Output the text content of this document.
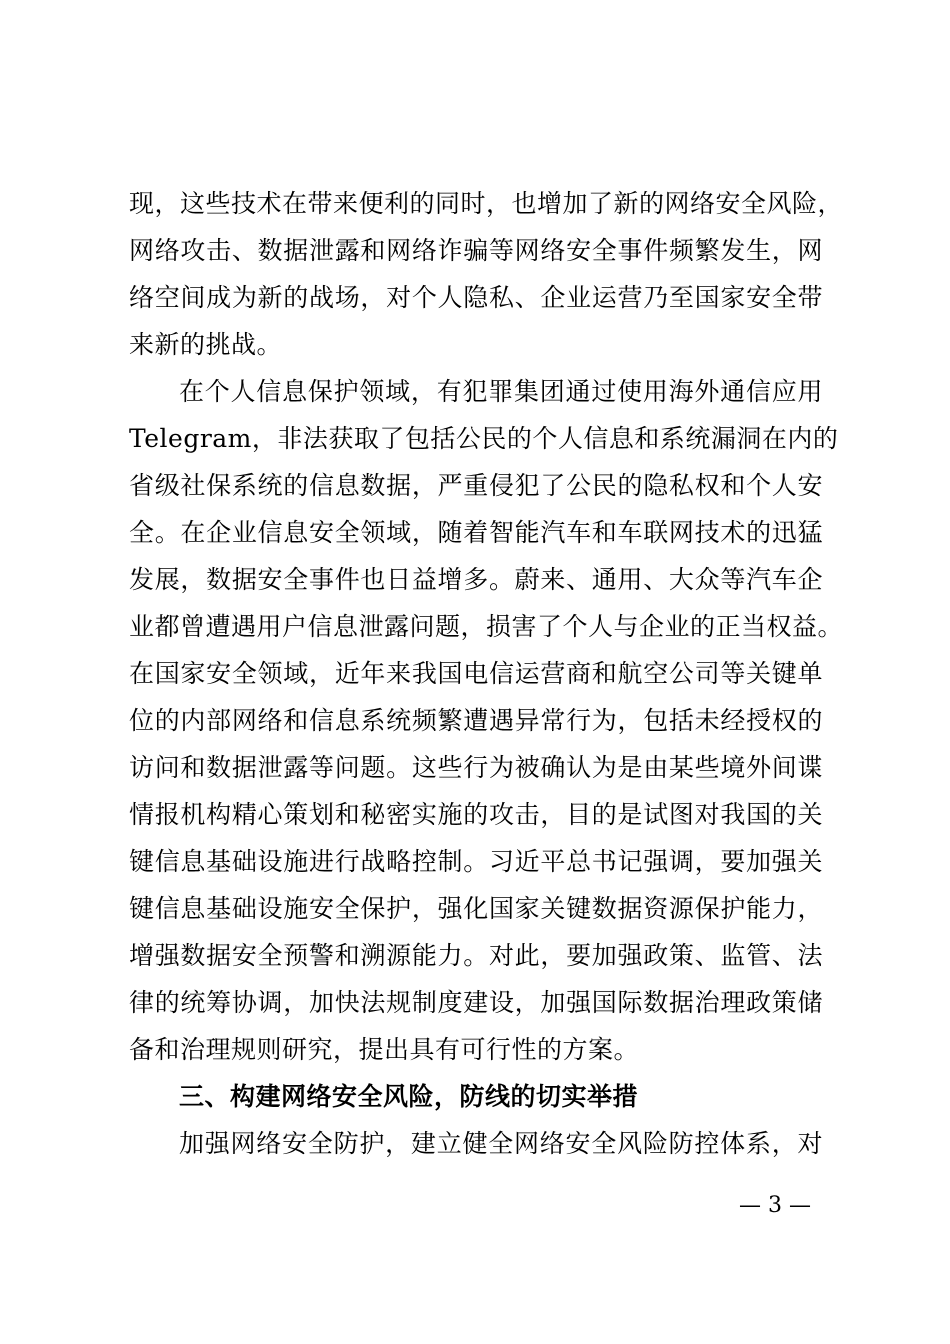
现，这些技术在带来便利的同时，也增加了新的网络安全风险，
网络攻击、数据泄露和网络诈骗等网络安全事件频繁发生，网
络空间成为新的战场，对个人隐私、企业运营乃至国家安全带
来新的挑战。
在个人信息保护领域，有犯罪集团通过使用海外通信应用
Telegram，非法获取了包括公民的个人信息和系统漏洞在内的
省级社保系统的信息数据，严重侵犯了公民的隐私权和个人安
全。在企业信息安全领域，随着智能汽车和车联网技术的迅猛
发展，数据安全事件也日益增多。蔚来、通用、大众等汽车企
业都曾遭遇用户信息泄露问题，损害了个人与企业的正当权益。
在国家安全领域，近年来我国电信运营商和航空公司等关键单
位的内部网络和信息系统频繁遭遇异常行为，包括未经授权的
访问和数据泄露等问题。这些行为被确认为是由某些境外间谍
情报机构精心策划和秘密实施的攻击，目的是试图对我国的关
键信息基础设施进行战略控制。习近平总书记强调，要加强关
键信息基础设施安全保护，强化国家关键数据资源保护能力，
增强数据安全预警和溯源能力。对此，要加强政策、监管、法
律的统筹协调，加快法规制度建设，加强国际数据治理政策储
备和治理规则研究，提出具有可行性的方案。
三、构建网络安全风险，防线的切实举措
加强网络安全防护，建立健全网络安全风险防控体系，对
— 3 —
